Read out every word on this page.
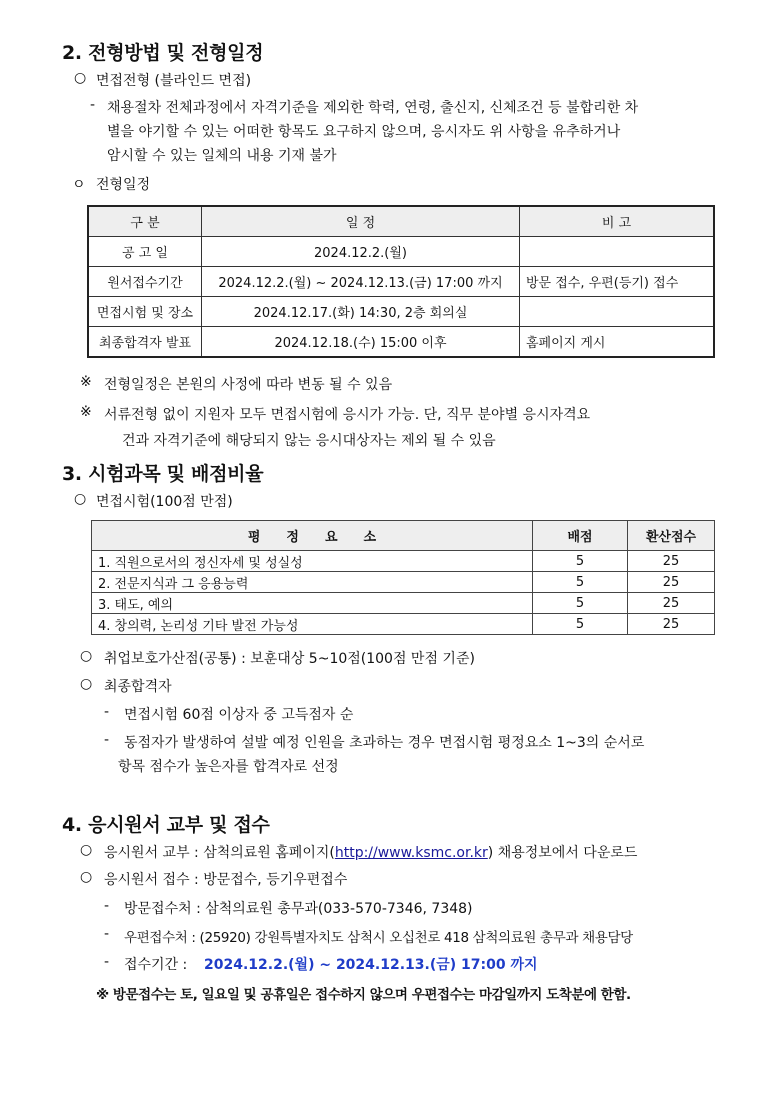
2. 전형방법 및 전형일정
○ 면접전형 (블라인드 면접)
- 채용절차 전체과정에서 자격기준을 제외한 학력, 연령, 출신지, 신체조건 등 불합리한 차
별을 야기할 수 있는 어떠한 항목도 요구하지 않으며, 응시자도 위 사항을 유추하거나
암시할 수 있는 일체의 내용 기재 불가
ㅇ 전형일정
구 분	일 정	비 고
공 고 일	2024.12.2.(월)	
원서접수기간	2024.12.2.(월) ~ 2024.12.13.(금) 17:00 까지	방문 접수, 우편(등기) 접수
면접시험 및 장소	2024.12.17.(화) 14:30, 2층 회의실	
최종합격자 발표	2024.12.18.(수) 15:00 이후	홈페이지 게시
※ 전형일정은 본원의 사정에 따라 변동 될 수 있음
※ 서류전형 없이 지원자 모두 면접시험에 응시가 가능. 단, 직무 분야별 응시자격요
건과 자격기준에 해당되지 않는 응시대상자는 제외 될 수 있음
3. 시험과목 및 배점비율
○ 면접시험(100점 만점)
평　　정　　요　　소	배점	환산점수
1. 직원으로서의 정신자세 및 성실성	5	25
2. 전문지식과 그 응용능력	5	25
3. 태도, 예의	5	25
4. 창의력, 논리성 기타 발전 가능성	5	25
○ 취업보호가산점(공통) : 보훈대상 5~10점(100점 만점 기준)
○ 최종합격자
- 면접시험 60점 이상자 중 고득점자 순
- 동점자가 발생하여 설발 예정 인원을 초과하는 경우 면접시험 평정요소 1~3의 순서로
항목 점수가 높은자를 합격자로 선정
4. 응시원서 교부 및 접수
○ 응시원서 교부 : 삼척의료원 홈페이지(http://www.ksmc.or.kr) 채용정보에서 다운로드
○ 응시원서 접수 : 방문접수, 등기우편접수
- 방문접수처 : 삼척의료원 총무과(033-570-7346, 7348)
- 우편접수처 : (25920) 강원특별자치도 삼척시 오십천로 418 삼척의료원 총무과 채용담당
- 접수기간 : 2024.12.2.(월) ~ 2024.12.13.(금) 17:00 까지
※ 방문접수는 토, 일요일 및 공휴일은 접수하지 않으며 우편접수는 마감일까지 도착분에 한함.
